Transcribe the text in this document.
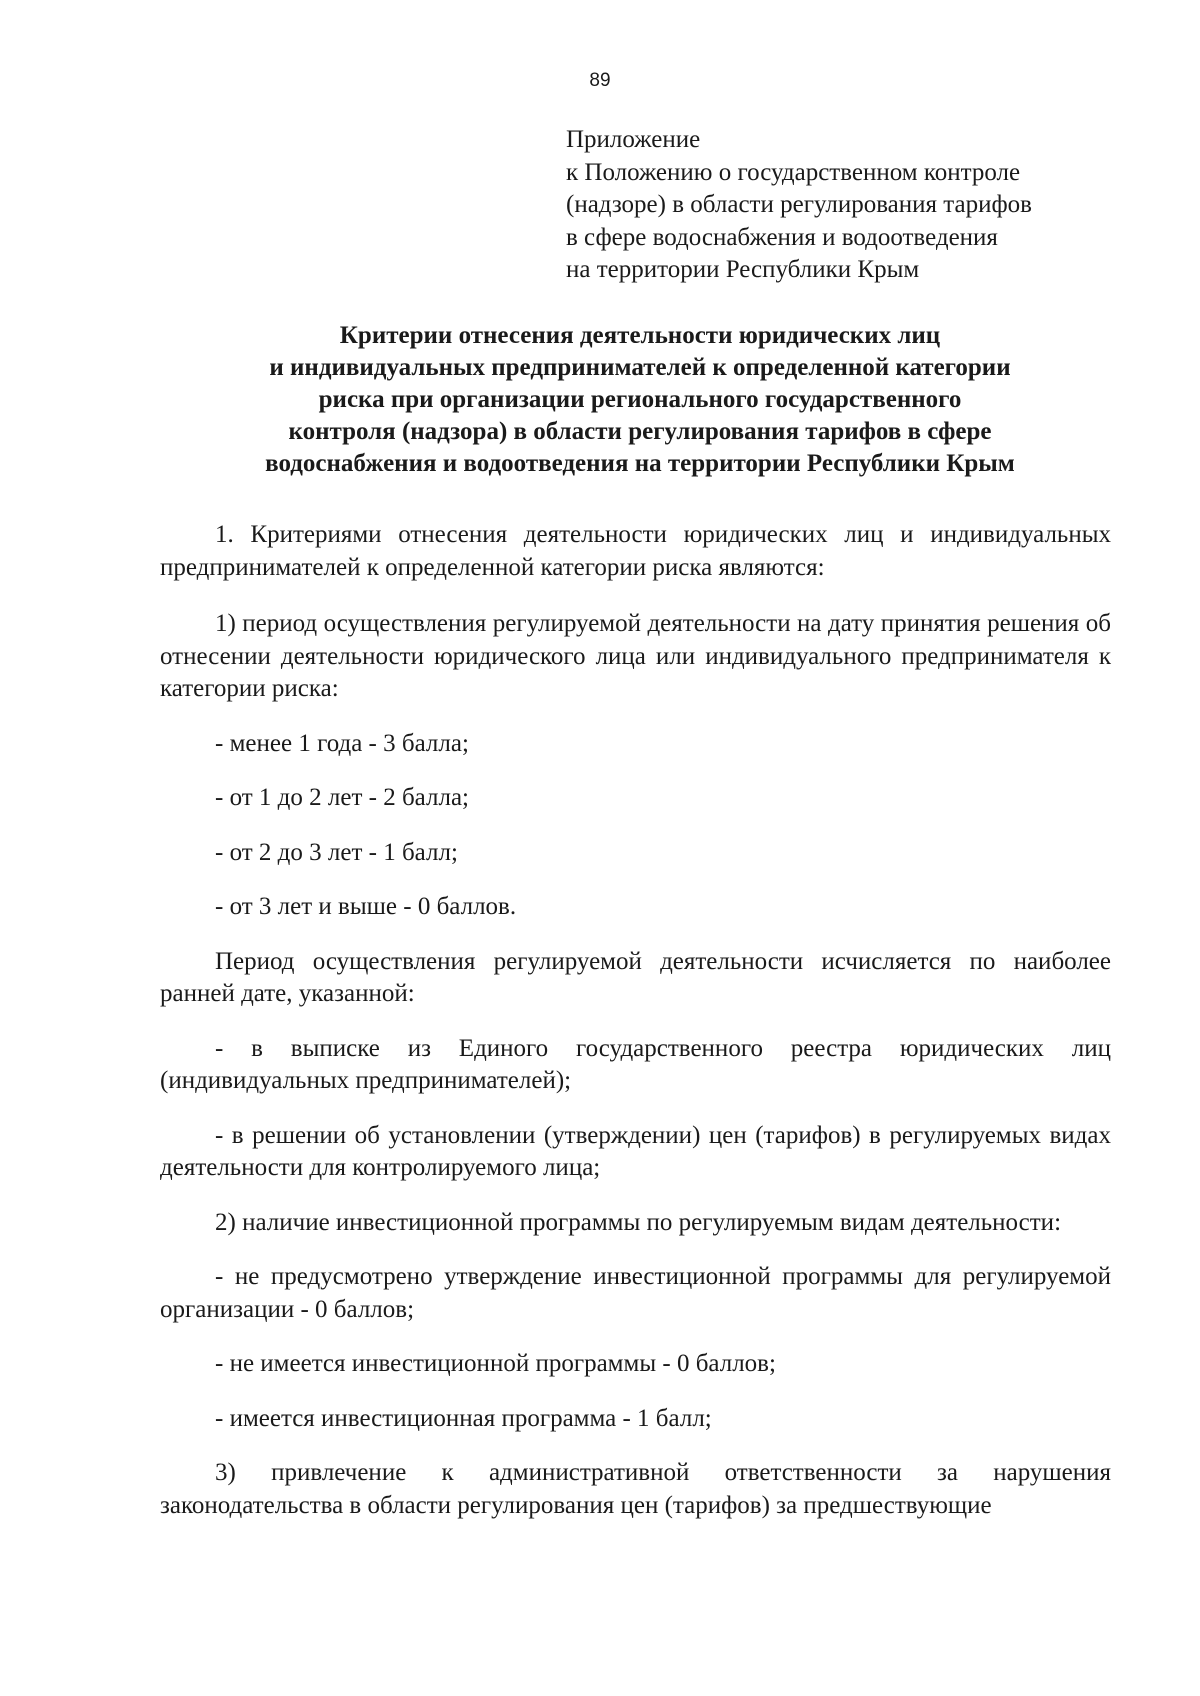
89
Приложение
к Положению о государственном контроле
(надзоре) в области регулирования тарифов
в сфере водоснабжения и водоотведения
на территории Республики Крым
Критерии отнесения деятельности юридических лиц
и индивидуальных предпринимателей к определенной категории
риска при организации регионального государственного
контроля (надзора) в области регулирования тарифов в сфере
водоснабжения и водоотведения на территории Республики Крым

1. Критериями отнесения деятельности юридических лиц и индивидуальных предпринимателей к определенной категории риска являются:

1) период осуществления регулируемой деятельности на дату принятия решения об отнесении деятельности юридического лица или индивидуального предпринимателя к категории риска:

- менее 1 года - 3 балла;

- от 1 до 2 лет - 2 балла;

- от 2 до 3 лет - 1 балл;

- от 3 лет и выше - 0 баллов.

Период осуществления регулируемой деятельности исчисляется по наиболее ранней дате, указанной:

- в выписке из Единого государственного реестра юридических лиц (индивидуальных предпринимателей);

- в решении об установлении (утверждении) цен (тарифов) в регулируемых видах деятельности для контролируемого лица;

2) наличие инвестиционной программы по регулируемым видам деятельности:

- не предусмотрено утверждение инвестиционной программы для регулируемой организации - 0 баллов;

- не имеется инвестиционной программы - 0 баллов;

- имеется инвестиционная программа - 1 балл;

3) привлечение к административной ответственности за нарушения законодательства в области регулирования цен (тарифов) за предшествующие
